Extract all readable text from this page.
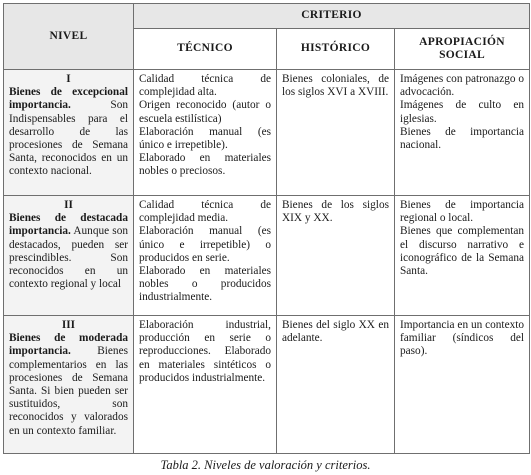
NIVEL	CRITERIO		
	TÉCNICO	HISTÓRICO	APROPIACIÓN
SOCIAL

I
Bienes de excepcional importancia. Son Indispensables para el desarrollo de las procesiones de Semana Santa, reconocidos en un contexto nacional.	Calidad técnica de complejidad alta.
Origen reconocido (autor o escuela estilística)
Elaboración manual (es único e irrepetible).
Elaborado en materiales nobles o preciosos.	Bienes coloniales, de los siglos XVI a XVIII.	Imágenes con patronazgo o advocación.
Imágenes de culto en iglesias.
Bienes de importancia nacional.

II
Bienes de destacada importancia. Aunque son destacados, pueden ser prescindibles. Son reconocidos en un contexto regional y local	Calidad técnica de complejidad media.
Elaboración manual (es único e irrepetible) o producidos en serie.
Elaborado en materiales nobles o producidos industrialmente.	Bienes de los siglos XIX y XX.	Bienes de importancia regional o local.
Bienes que complementan el discurso narrativo e iconográfico de la Semana Santa.

III
Bienes de moderada importancia. Bienes complementarios en las procesiones de Semana Santa. Si bien pueden ser sustituidos, son reconocidos y valorados en un contexto familiar.	Elaboración industrial, producción en serie o reproducciones. Elaborado en materiales sintéticos o producidos industrialmente.	Bienes del siglo XX en adelante.	Importancia en un contexto familiar (síndicos del paso).
Tabla 2. Niveles de valoración y criterios.
